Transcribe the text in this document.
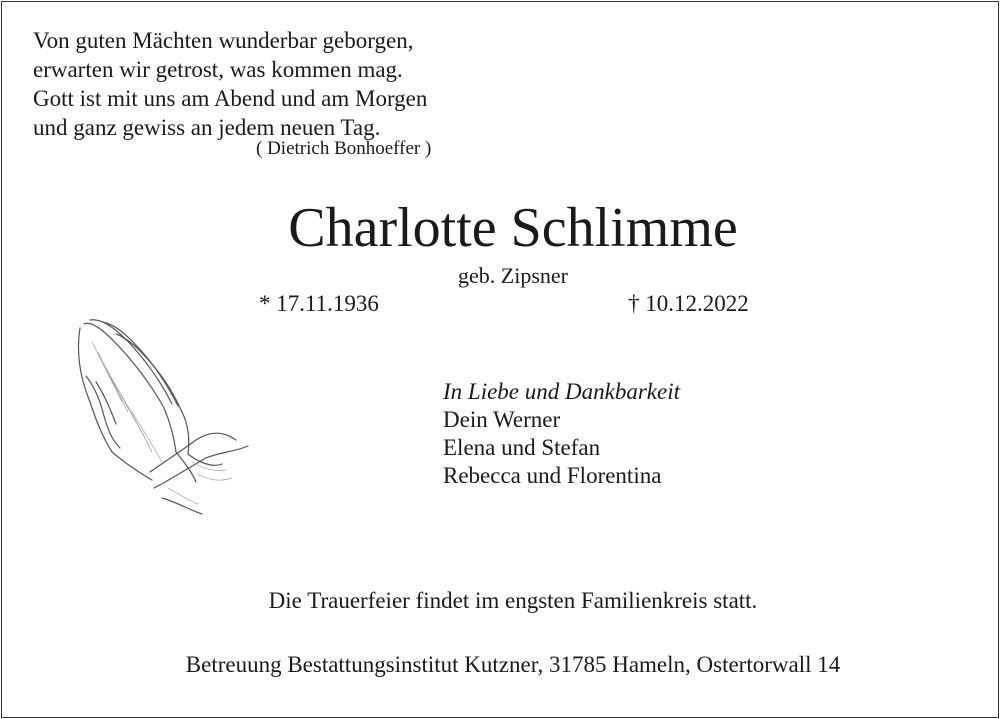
Von guten Mächten wunderbar geborgen,
erwarten wir getrost, was kommen mag.
Gott ist mit uns am Abend und am Morgen
und ganz gewiss an jedem neuen Tag.
( Dietrich Bonhoeffer )
Charlotte Schlimme
geb. Zipsner
* 17.11.1936	† 10.12.2022
In Liebe und Dankbarkeit
Dein Werner
Elena und Stefan
Rebecca und Florentina
Die Trauerfeier findet im engsten Familienkreis statt.
Betreuung Bestattungsinstitut Kutzner, 31785 Hameln, Ostertorwall 14
